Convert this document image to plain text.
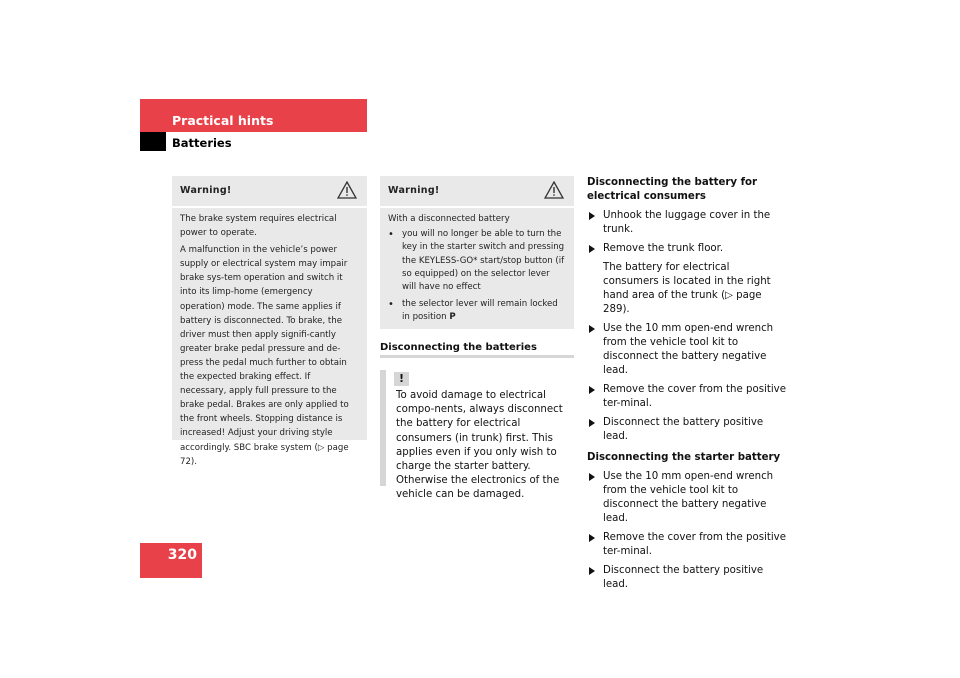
Practical hints
Batteries
Warning!

The brake system requires electrical power to operate.

A malfunction in the vehicle’s power supply or electrical system may impair brake sys-tem operation and switch it into its limp-home (emergency operation) mode. The same applies if battery is disconnected. To brake, the driver must then apply signifi-cantly greater brake pedal pressure and de-press the pedal much further to obtain the expected braking effect. If necessary, apply full pressure to the brake pedal. Brakes are only applied to the front wheels. Stopping distance is increased! Adjust your driving style accordingly. SBC brake system (▷ page 72).

Warning!

With a disconnected battery

• you will no longer be able to turn the key in the starter switch and pressing the KEYLESS-GO* start/stop button (if so equipped) on the selector lever will have no effect
• the selector lever will remain locked in position P
Disconnecting the batteries
!
To avoid damage to electrical compo-nents, always disconnect the battery for electrical consumers (in trunk) first. This applies even if you only wish to charge the starter battery. Otherwise the electronics of the vehicle can be damaged.

Disconnecting the battery for electrical consumers

Unhook the luggage cover in the trunk.

Remove the trunk floor.

The battery for electrical consumers is located in the right hand area of the trunk (▷ page 289).

Use the 10 mm open-end wrench from the vehicle tool kit to disconnect the battery negative lead.

Remove the cover from the positive ter-minal.

Disconnect the battery positive lead.

Disconnecting the starter battery

Use the 10 mm open-end wrench from the vehicle tool kit to disconnect the battery negative lead.

Remove the cover from the positive ter-minal.

Disconnect the battery positive lead.

320
